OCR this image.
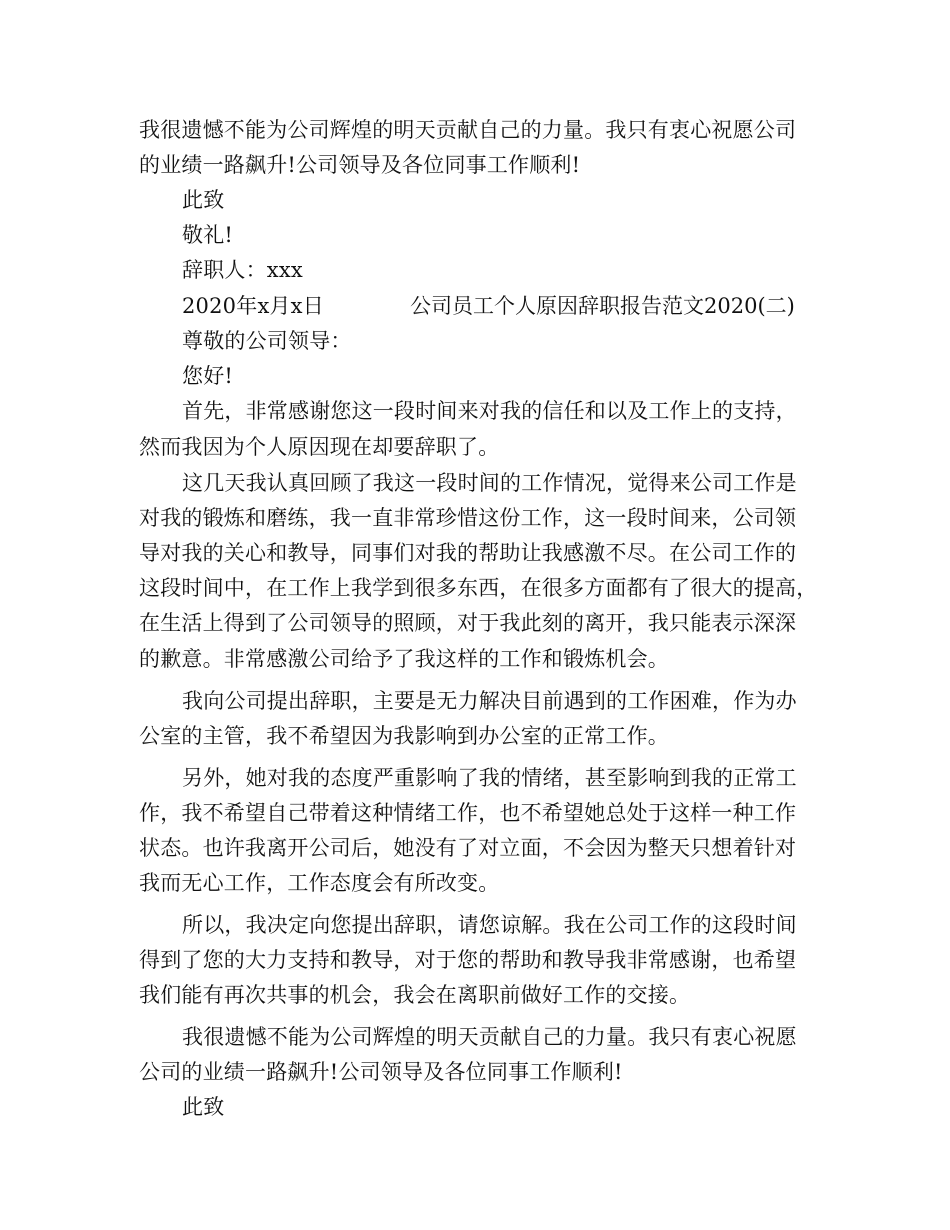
我很遗憾不能为公司辉煌的明天贡献自己的力量。我只有衷心祝愿公司
的业绩一路飙升!公司领导及各位同事工作顺利!
此致
敬礼!
辞职人：xxx
2020年x月x日	公司员工个人原因辞职报告范文2020(二)
尊敬的公司领导：
您好!
首先，非常感谢您这一段时间来对我的信任和以及工作上的支持，
然而我因为个人原因现在却要辞职了。
这几天我认真回顾了我这一段时间的工作情况，觉得来公司工作是
对我的锻炼和磨练，我一直非常珍惜这份工作，这一段时间来，公司领
导对我的关心和教导，同事们对我的帮助让我感激不尽。在公司工作的
这段时间中，在工作上我学到很多东西，在很多方面都有了很大的提高，
在生活上得到了公司领导的照顾，对于我此刻的离开，我只能表示深深
的歉意。非常感激公司给予了我这样的工作和锻炼机会。
我向公司提出辞职，主要是无力解决目前遇到的工作困难，作为办
公室的主管，我不希望因为我影响到办公室的正常工作。
另外，她对我的态度严重影响了我的情绪，甚至影响到我的正常工
作，我不希望自己带着这种情绪工作，也不希望她总处于这样一种工作
状态。也许我离开公司后，她没有了对立面，不会因为整天只想着针对
我而无心工作，工作态度会有所改变。
所以，我决定向您提出辞职，请您谅解。我在公司工作的这段时间
得到了您的大力支持和教导，对于您的帮助和教导我非常感谢，也希望
我们能有再次共事的机会，我会在离职前做好工作的交接。
我很遗憾不能为公司辉煌的明天贡献自己的力量。我只有衷心祝愿
公司的业绩一路飙升!公司领导及各位同事工作顺利!
此致
